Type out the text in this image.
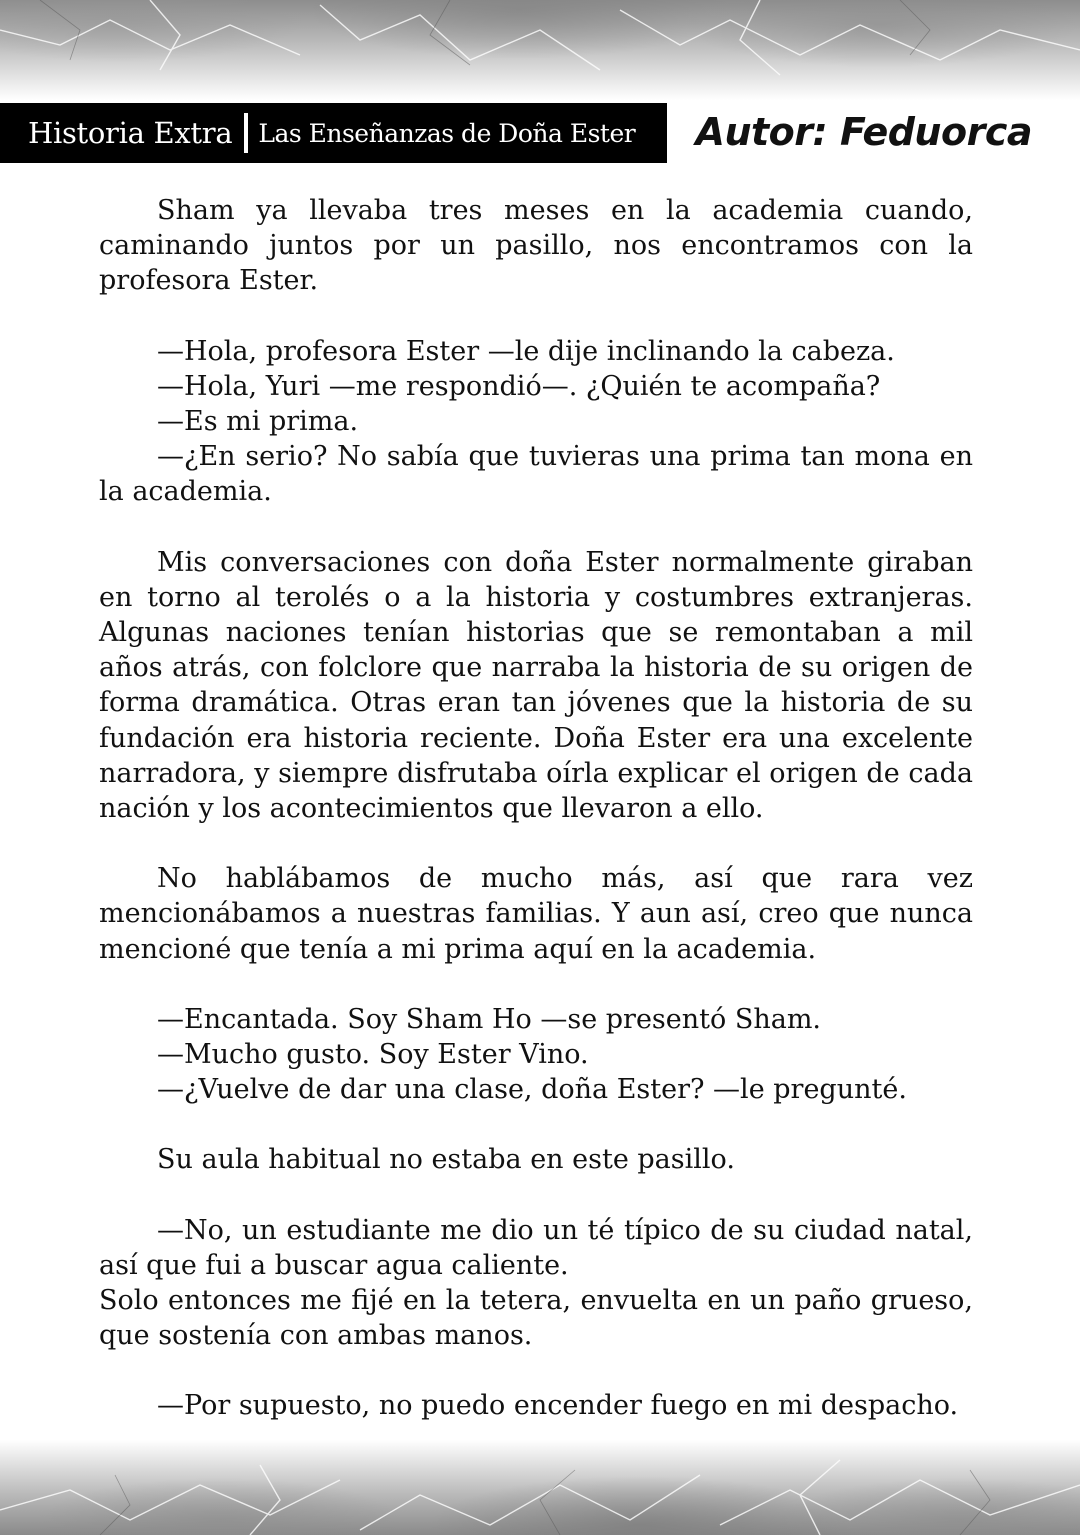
Historia Extra Las Enseñanzas de Doña Ester Autor: Feduorca

Sham ya llevaba tres meses en la academia cuando, caminando juntos por un pasillo, nos encontramos con la profesora Ester.

—Hola, profesora Ester —le dije inclinando la cabeza.

—Hola, Yuri —me respondió—. ¿Quién te acompaña?

—Es mi prima.

—¿En serio? No sabía que tuvieras una prima tan mona en la academia.

Mis conversaciones con doña Ester normalmente giraban en torno al terolés o a la historia y costumbres extranjeras. Algunas naciones tenían historias que se remontaban a mil años atrás, con folclore que narraba la historia de su origen de forma dramática. Otras eran tan jóvenes que la historia de su fundación era historia reciente. Doña Ester era una excelente narradora, y siempre disfrutaba oírla explicar el origen de cada nación y los acontecimientos que llevaron a ello.

No hablábamos de mucho más, así que rara vez mencionábamos a nuestras familias. Y aun así, creo que nunca mencioné que tenía a mi prima aquí en la academia.

—Encantada. Soy Sham Ho —se presentó Sham.

—Mucho gusto. Soy Ester Vino.

—¿Vuelve de dar una clase, doña Ester? —le pregunté.

Su aula habitual no estaba en este pasillo.

—No, un estudiante me dio un té típico de su ciudad natal, así que fui a buscar agua caliente.

Solo entonces me fijé en la tetera, envuelta en un paño grueso, que sostenía con ambas manos.

—Por supuesto, no puedo encender fuego en mi despacho.
